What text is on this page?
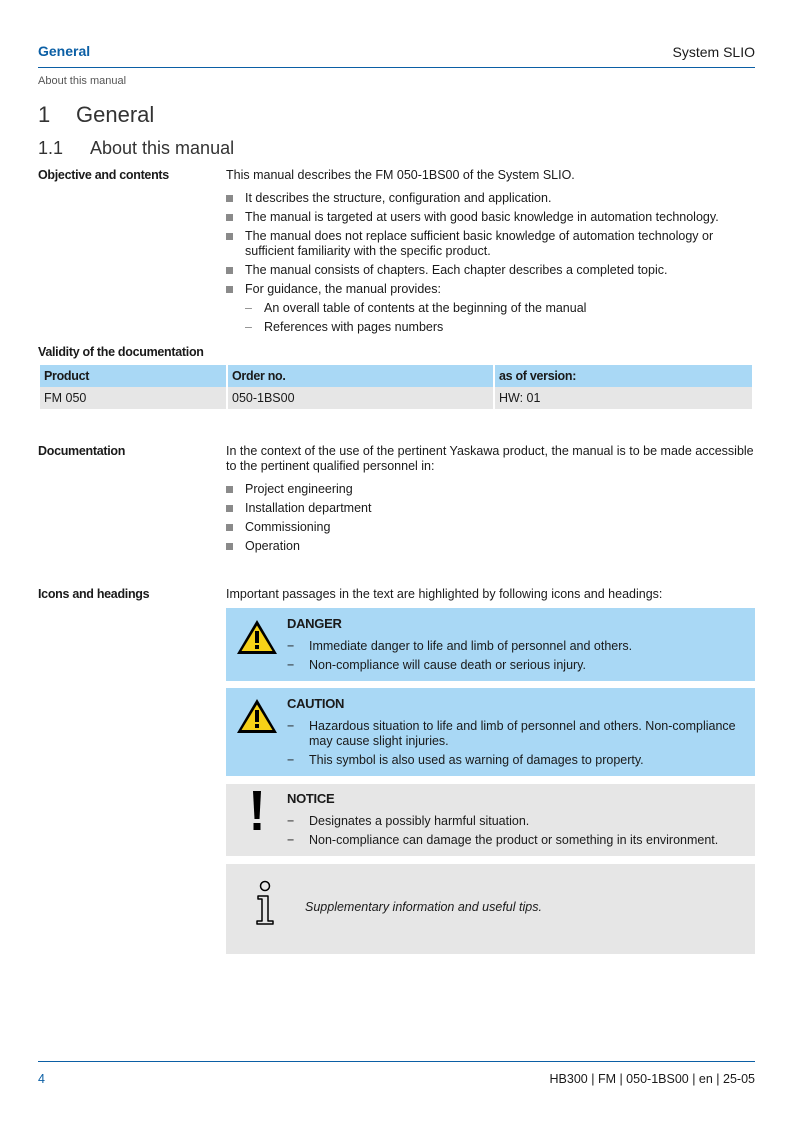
General	System SLIO
About this manual
1 General
1.1 About this manual
Objective and contents	This manual describes the FM 050-1BS00 of the System SLIO.
It describes the structure, configuration and application.
The manual is targeted at users with good basic knowledge in automation technology.
The manual does not replace sufficient basic knowledge of automation technology or sufficient familiarity with the specific product.
The manual consists of chapters. Each chapter describes a completed topic.
For guidance, the manual provides:
– An overall table of contents at the beginning of the manual
– References with pages numbers
Validity of the documentation
Product	Order no.	as of version:
FM 050	050-1BS00	HW: 01
Documentation	In the context of the use of the pertinent Yaskawa product, the manual is to be made accessible to the pertinent qualified personnel in:
Project engineering
Installation department
Commissioning
Operation
Icons and headings	Important passages in the text are highlighted by following icons and headings:
DANGER
− Immediate danger to life and limb of personnel and others.
− Non-compliance will cause death or serious injury.
CAUTION
− Hazardous situation to life and limb of personnel and others. Non-compliance may cause slight injuries.
− This symbol is also used as warning of damages to property.
NOTICE
− Designates a possibly harmful situation.
− Non-compliance can damage the product or something in its environment.
Supplementary information and useful tips.
4	HB300 | FM | 050-1BS00 | en | 25-05
